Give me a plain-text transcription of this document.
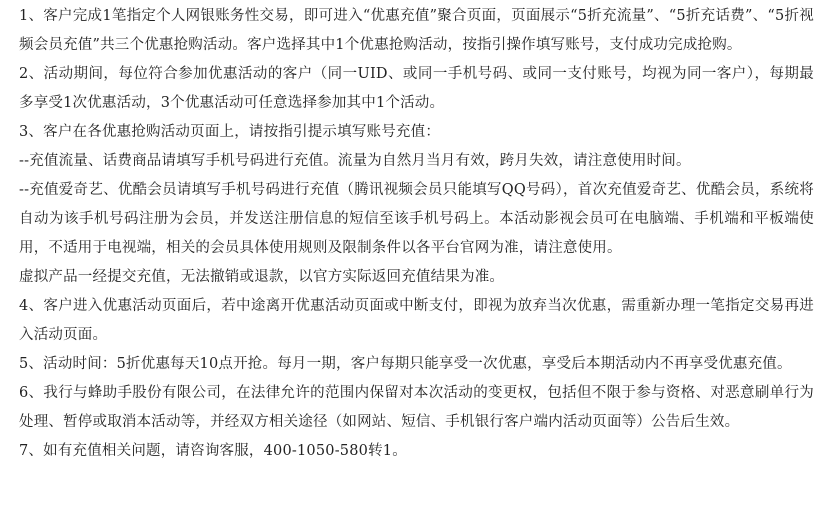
1、客户完成1笔指定个人网银账务性交易，即可进入“优惠充值”聚合页面，页面展示“5折充流量”、“5折充话费”、“5折视频会员充值”共三个优惠抢购活动。客户选择其中1个优惠抢购活动，按指引操作填写账号，支付成功完成抢购。

2、活动期间，每位符合参加优惠活动的客户（同一UID、或同一手机号码、或同一支付账号，均视为同一客户），每期最多享受1次优惠活动，3个优惠活动可任意选择参加其中1个活动。

3、客户在各优惠抢购活动页面上，请按指引提示填写账号充值：

--充值流量、话费商品请填写手机号码进行充值。流量为自然月当月有效，跨月失效，请注意使用时间。

--充值爱奇艺、优酷会员请填写手机号码进行充值（腾讯视频会员只能填写QQ号码），首次充值爱奇艺、优酷会员，系统将自动为该手机号码注册为会员，并发送注册信息的短信至该手机号码上。本活动影视会员可在电脑端、手机端和平板端使用，不适用于电视端，相关的会员具体使用规则及限制条件以各平台官网为准，请注意使用。

虚拟产品一经提交充值，无法撤销或退款，以官方实际返回充值结果为准。

4、客户进入优惠活动页面后，若中途离开优惠活动页面或中断支付，即视为放弃当次优惠，需重新办理一笔指定交易再进入活动页面。

5、活动时间：5折优惠每天10点开抢。每月一期，客户每期只能享受一次优惠，享受后本期活动内不再享受优惠充值。

6、我行与蜂助手股份有限公司，在法律允许的范围内保留对本次活动的变更权，包括但不限于参与资格、对恶意刷单行为处理、暂停或取消本活动等，并经双方相关途径（如网站、短信、手机银行客户端内活动页面等）公告后生效。

7、如有充值相关问题，请咨询客服，400-1050-580转1。
